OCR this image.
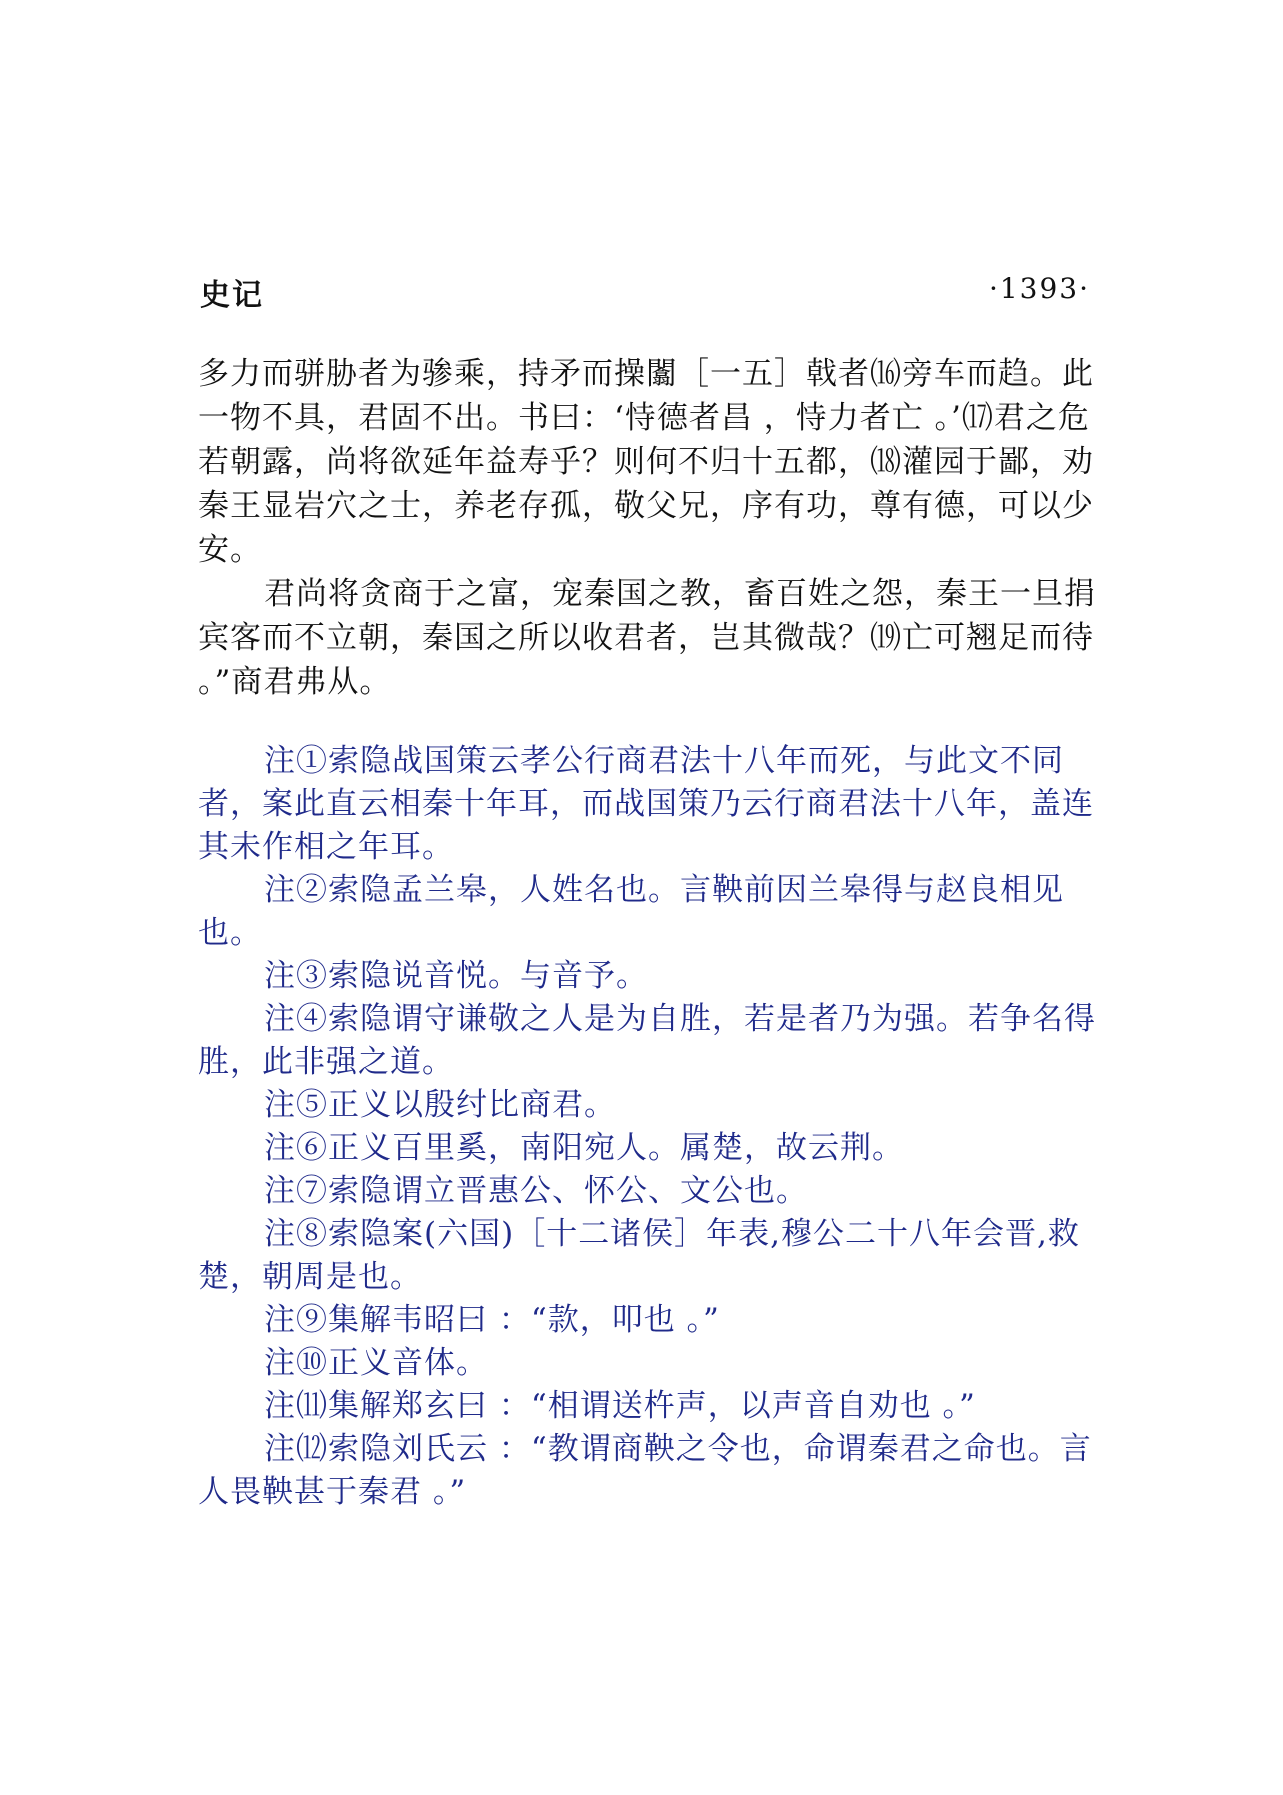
史记	·1393·

多力而骈胁者为骖乘，持矛而操闟［一五］戟者⒃旁车而趋。此一物不具，君固不出。书曰：‘恃德者昌 ，恃力者亡 。’⒄君之危若朝露，尚将欲延年益寿乎？则何不归十五都，⒅灌园于鄙，劝秦王显岩穴之士，养老存孤，敬父兄，序有功，尊有德，可以少安。

君尚将贪商于之富，宠秦国之教，畜百姓之怨，秦王一旦捐宾客而不立朝，秦国之所以收君者，岂其微哉？⒆亡可翘足而待 。”商君弗从。

注①索隐战国策云孝公行商君法十八年而死，与此文不同者，案此直云相秦十年耳，而战国策乃云行商君法十八年，盖连其未作相之年耳。

注②索隐孟兰皋，人姓名也。言鞅前因兰皋得与赵良相见也。

注③索隐说音悦。与音予。

注④索隐谓守谦敬之人是为自胜，若是者乃为强。若争名得胜，此非强之道。

注⑤正义以殷纣比商君。

注⑥正义百里奚，南阳宛人。属楚，故云荆。

注⑦索隐谓立晋惠公、怀公、文公也。

注⑧索隐案(六国)［十二诸侯］年表,穆公二十八年会晋,救楚，朝周是也。

注⑨集解韦昭曰 ：“款，叩也 。”

注⑩正义音体。

注⑾集解郑玄曰 ：“相谓送杵声，以声音自劝也 。”

注⑿索隐刘氏云 ：“教谓商鞅之令也，命谓秦君之命也。言人畏鞅甚于秦君 。”
